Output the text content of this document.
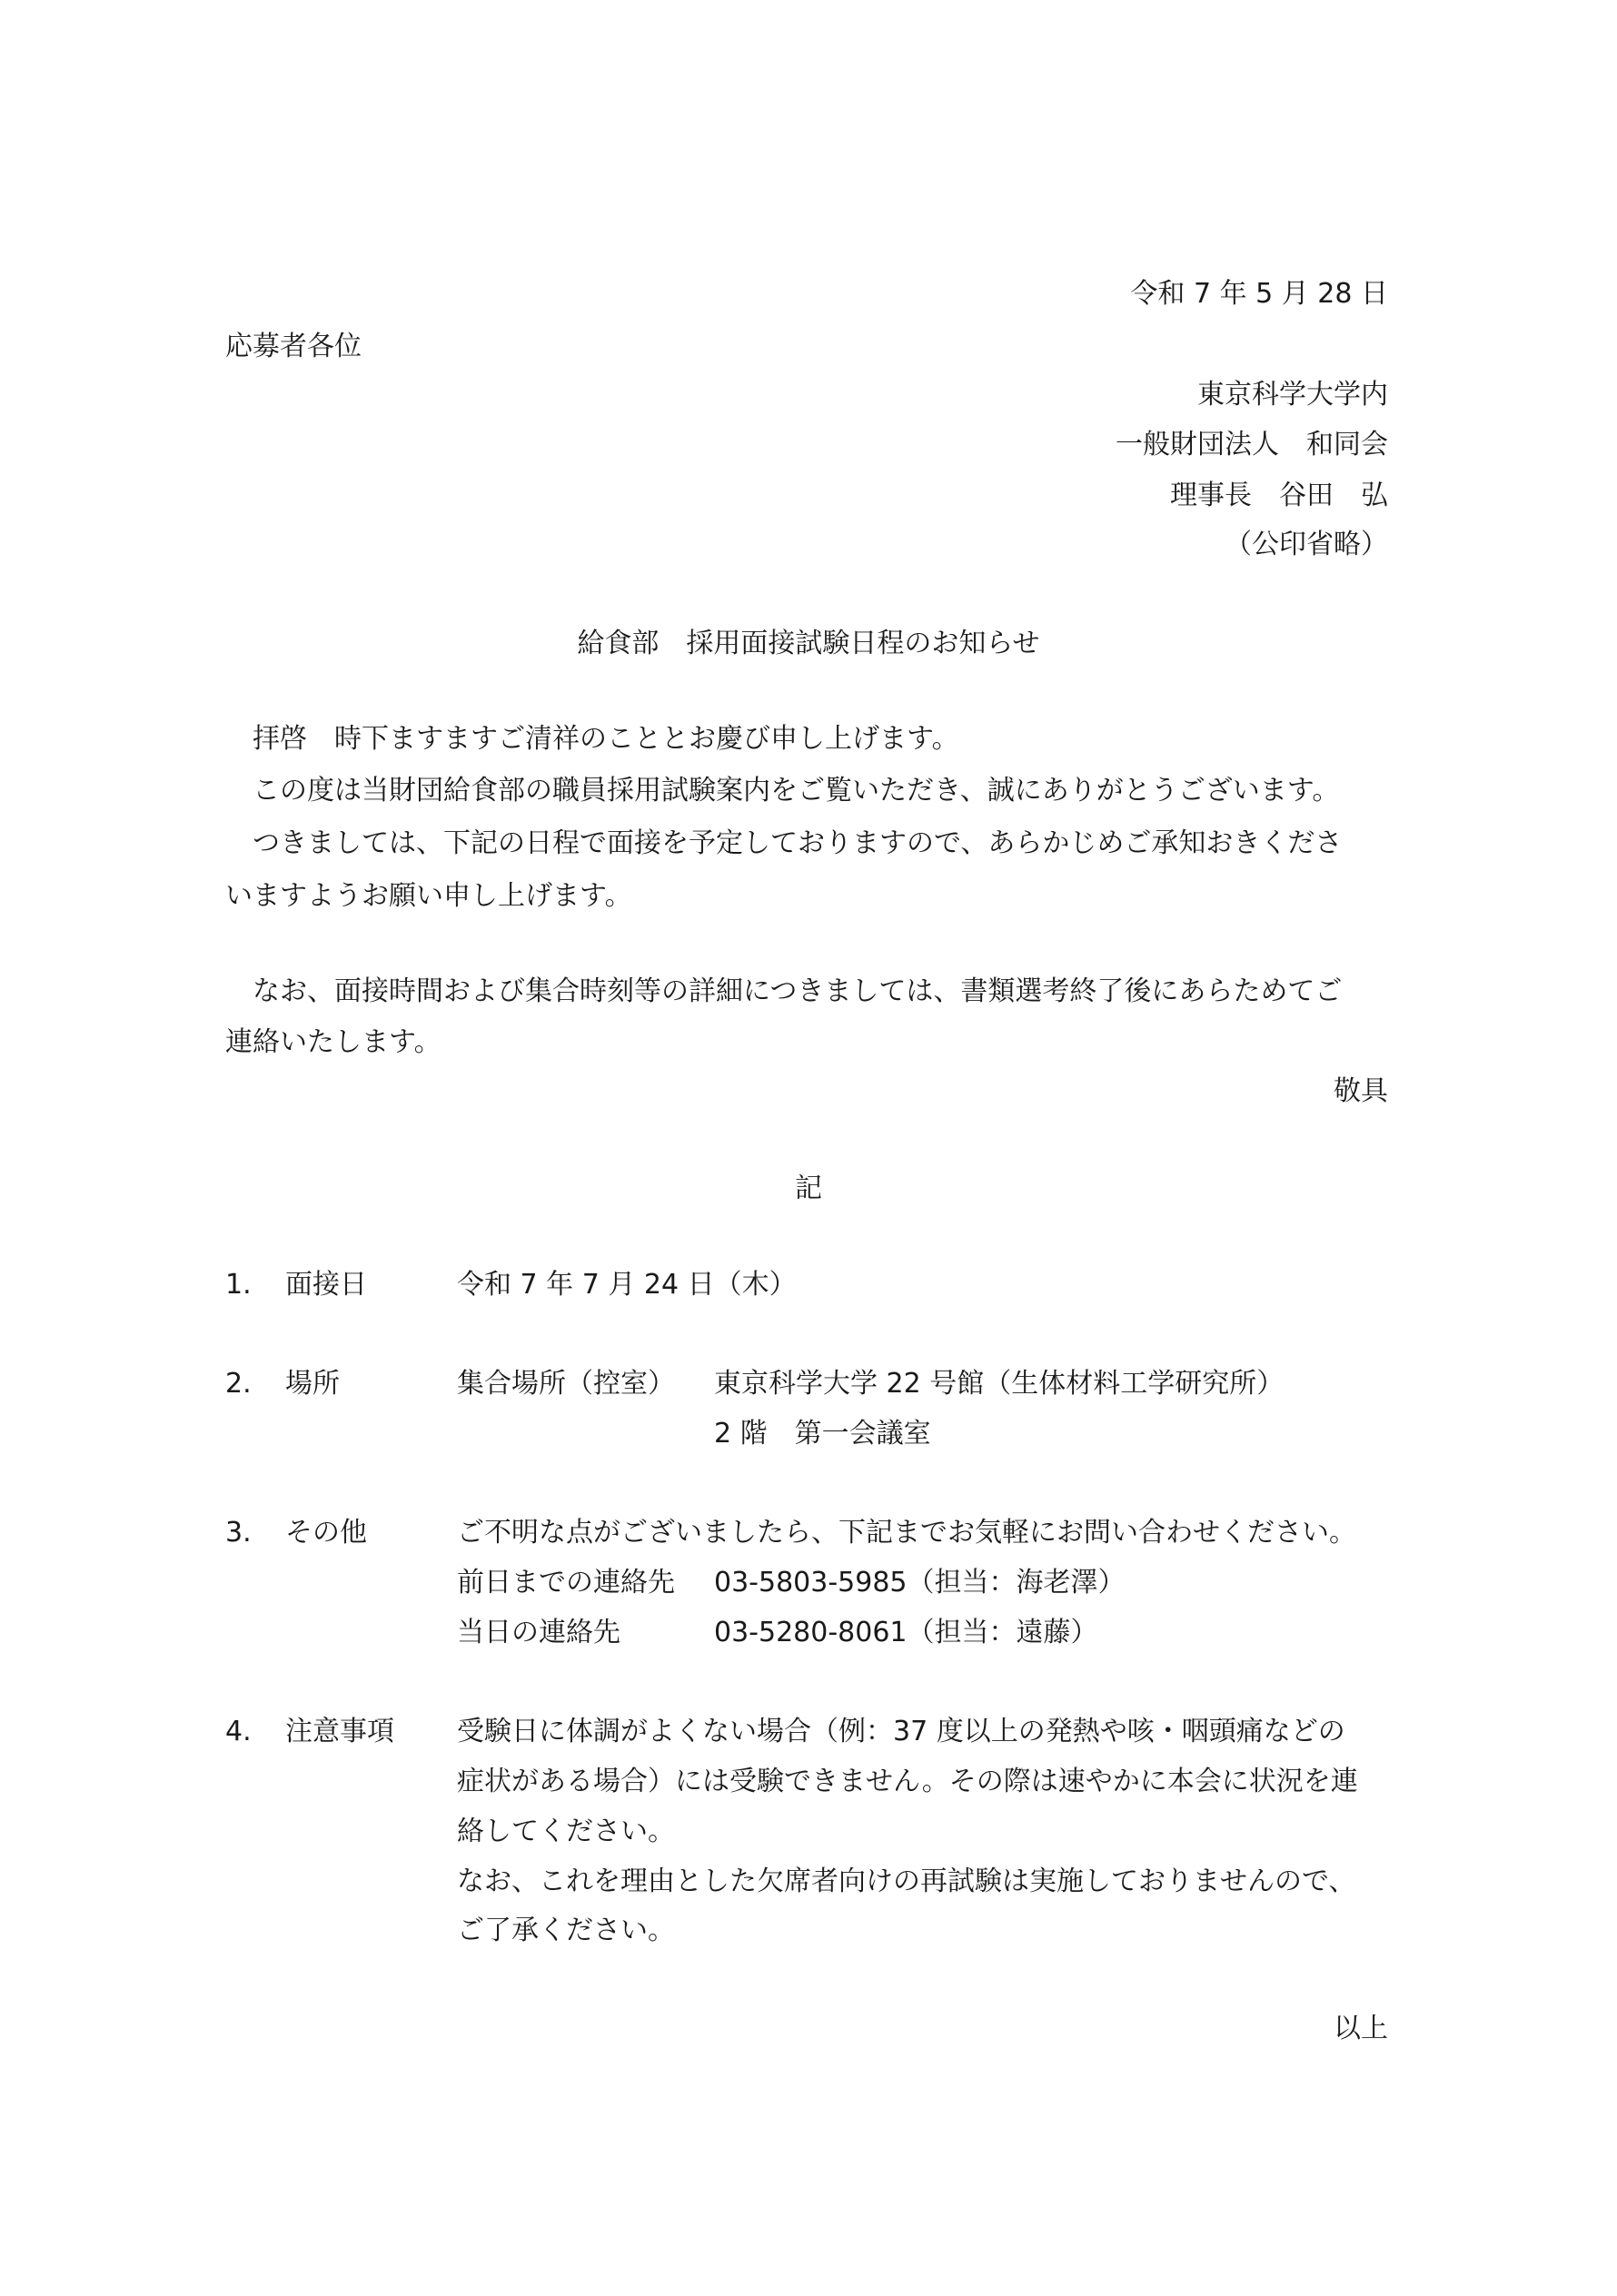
令和 7 年 5 月 28 日
応募者各位
東京科学大学内
一般財団法人　和同会
理事長　谷田　弘
（公印省略）
給食部　採用面接試験日程のお知らせ
　拝啓　時下ますますご清祥のこととお慶び申し上げます。
　この度は当財団給食部の職員採用試験案内をご覧いただき、誠にありがとうございます。
　つきましては、下記の日程で面接を予定しておりますので、あらかじめご承知おきくださ
いますようお願い申し上げます。
　なお、面接時間および集合時刻等の詳細につきましては、書類選考終了後にあらためてご
連絡いたします。
敬具
記
1. 面接日	令和 7 年 7 月 24 日（木）
2. 場所	集合場所（控室） 東京科学大学 22 号館（生体材料工学研究所）
2 階　第一会議室
3. その他	ご不明な点がございましたら、下記までお気軽にお問い合わせください。
前日までの連絡先 03-5803-5985（担当：海老澤）
当日の連絡先	03-5280-8061（担当：遠藤）
4. 注意事項 受験日に体調がよくない場合（例：37 度以上の発熱や咳・咽頭痛などの
症状がある場合）には受験できません。その際は速やかに本会に状況を連
絡してください。
なお、これを理由とした欠席者向けの再試験は実施しておりませんので、
ご了承ください。
以上
